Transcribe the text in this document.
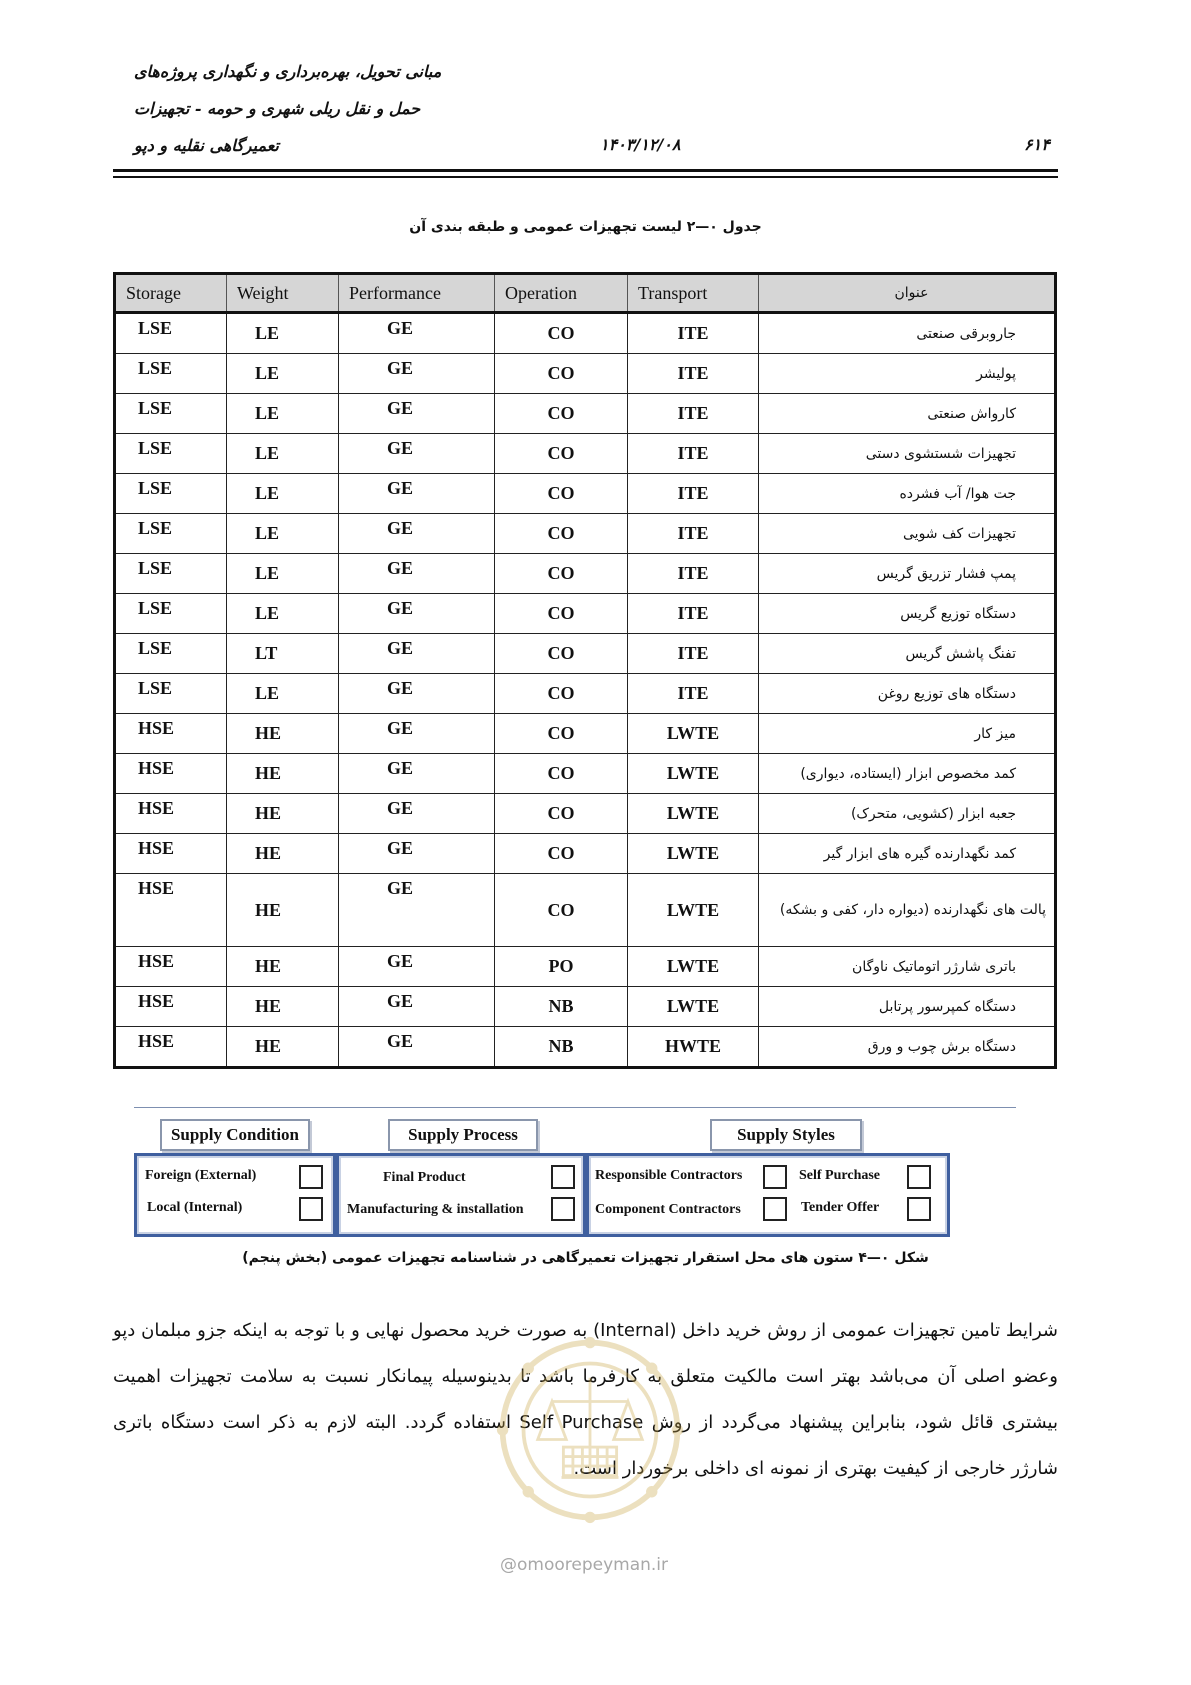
مبانی تحویل، بهره‌برداری و نگهداری پروژه‌های
حمل و نقل ریلی شهری و حومه - تجهیزات
تعمیرگاهی نقلیه و دپو	۱۴۰۳/۱۲/۰۸	۶۱۴
جدول ۰—۲ لیست تجهیزات عمومی و طبقه بندی آن
Storage	Weight	Performance	Operation	Transport	عنوان
LSE	LE	GE	CO	ITE	جاروبرقی صنعتی
LSE	LE	GE	CO	ITE	پولیشر
LSE	LE	GE	CO	ITE	کارواش صنعتی
LSE	LE	GE	CO	ITE	تجهیزات شستشوی دستی
LSE	LE	GE	CO	ITE	جت هوا/ آب فشرده
LSE	LE	GE	CO	ITE	تجهیزات کف شویی
LSE	LE	GE	CO	ITE	پمپ فشار تزریق گریس
LSE	LE	GE	CO	ITE	دستگاه توزیع گریس
LSE	LT	GE	CO	ITE	تفنگ پاشش گریس
LSE	LE	GE	CO	ITE	دستگاه های توزیع روغن
HSE	HE	GE	CO	LWTE	میز کار
HSE	HE	GE	CO	LWTE	کمد مخصوص ابزار (ایستاده، دیواری)
HSE	HE	GE	CO	LWTE	جعبه ابزار (کشویی، متحرک)
HSE	HE	GE	CO	LWTE	کمد نگهدارنده گیره های ابزار گیر
HSE	HE	GE	CO	LWTE	پالت های نگهدارنده (دیواره دار، کفی و بشکه)
HSE	HE	GE	PO	LWTE	باتری شارژر اتوماتیک ناوگان
HSE	HE	GE	NB	LWTE	دستگاه کمپرسور پرتابل
HSE	HE	GE	NB	HWTE	دستگاه برش چوب و ورق
Supply Condition	Supply Process	Supply Styles
Foreign (External)
Local (Internal)
Final Product
Manufacturing & installation
Responsible Contractors
Component Contractors
Self Purchase
Tender Offer
شکل ۰—۴ ستون های محل استقرار تجهیزات تعمیرگاهی در شناسنامه تجهیزات عمومی (بخش پنجم)
شرایط تامین تجهیزات عمومی از روش خرید داخل (Internal) به صورت خرید محصول نهایی و با توجه به اینکه جزو مبلمان دپو وعضو اصلی آن می‌باشد بهتر است مالکیت متعلق به کارفرما باشد تا بدینوسیله پیمانکار نسبت به سلامت تجهیزات اهمیت بیشتری قائل شود، بنابراین پیشنهاد می‌گردد از روش Self Purchase استفاده گردد. البته لازم به ذکر است دستگاه باتری شارژر خارجی از کیفیت بهتری از نمونه ای داخلی برخوردار است.
@omoorepeyman.ir
